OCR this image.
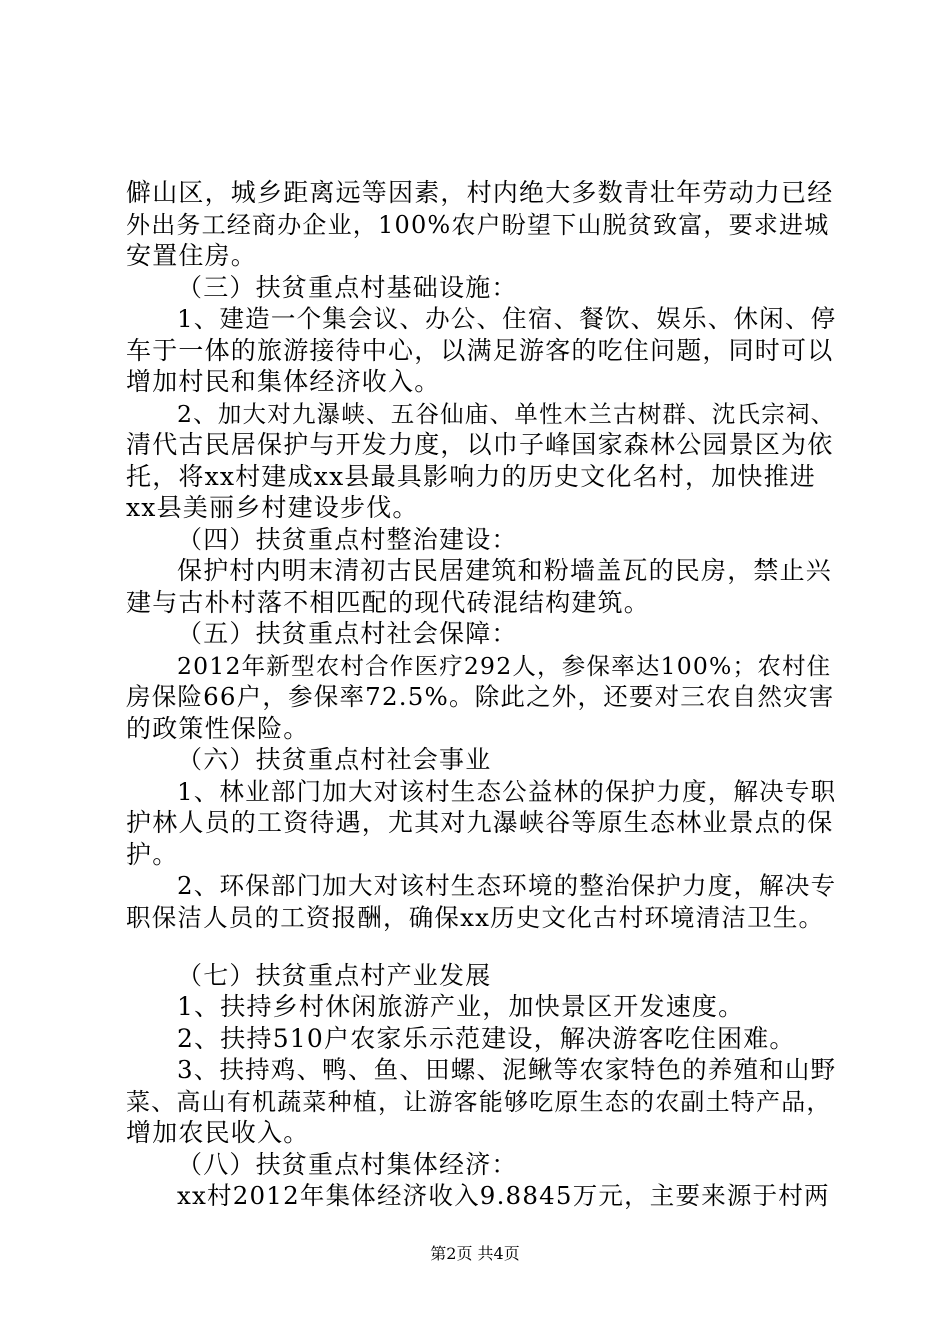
僻山区，城乡距离远等因素，村内绝大多数青壮年劳动力已经
外出务工经商办企业，100%农户盼望下山脱贫致富，要求进城
安置住房。
（三）扶贫重点村基础设施：
1、建造一个集会议、办公、住宿、餐饮、娱乐、休闲、停
车于一体的旅游接待中心，以满足游客的吃住问题，同时可以
增加村民和集体经济收入。
2、加大对九瀑峡、五谷仙庙、单性木兰古树群、沈氏宗祠、
清代古民居保护与开发力度，以巾子峰国家森林公园景区为依
托，将xx村建成xx县最具影响力的历史文化名村，加快推进
xx县美丽乡村建设步伐。
（四）扶贫重点村整治建设：
保护村内明末清初古民居建筑和粉墙盖瓦的民房，禁止兴
建与古朴村落不相匹配的现代砖混结构建筑。
（五）扶贫重点村社会保障：
2012年新型农村合作医疗292人，参保率达100%；农村住
房保险66户，参保率72.5%。除此之外，还要对三农自然灾害
的政策性保险。
（六）扶贫重点村社会事业
1、林业部门加大对该村生态公益林的保护力度，解决专职
护林人员的工资待遇，尤其对九瀑峡谷等原生态林业景点的保
护。
2、环保部门加大对该村生态环境的整治保护力度，解决专
职保洁人员的工资报酬，确保xx历史文化古村环境清洁卫生。
（七）扶贫重点村产业发展
1、扶持乡村休闲旅游产业，加快景区开发速度。
2、扶持510户农家乐示范建设，解决游客吃住困难。
3、扶持鸡、鸭、鱼、田螺、泥鳅等农家特色的养殖和山野
菜、高山有机蔬菜种植，让游客能够吃原生态的农副土特产品，
增加农民收入。
（八）扶贫重点村集体经济：
xx村2012年集体经济收入9.8845万元，主要来源于村两
第2页 共4页
